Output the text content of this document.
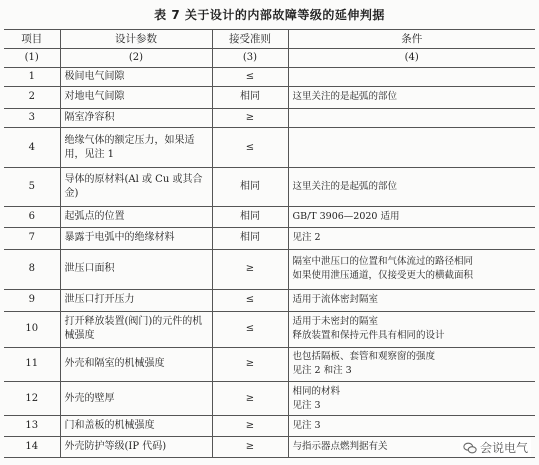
表 7 关于设计的内部故障等级的延伸判据
项目	设计参数	接受准则	条件
(1)	(2)	(3)	(4)
1	极间电气间隙	≤	
2	对地电气间隙	相同	这里关注的是起弧的部位
3	隔室净容积	≥	
4	绝缘气体的额定压力，如果适用，见注 1	≤	
5	导体的原材料(Al 或 Cu 或其合金)	相同	这里关注的是起弧的部位
6	起弧点的位置	相同	GB/T 3906—2020 适用
7	暴露于电弧中的绝缘材料	相同	见注 2
8	泄压口面积	≥	隔室中泄压口的位置和气体流过的路径相同
如果使用泄压通道，仅接受更大的横截面积
9	泄压口打开压力	≤	适用于流体密封隔室
10	打开释放装置(阀门)的元件的机械强度	≤	适用于未密封的隔室
释放装置和保持元件具有相同的设计
11	外壳和隔室的机械强度	≥	也包括隔板、套管和观察窗的强度
见注 2 和注 3
12	外壳的壁厚	≥	相同的材料
见注 3
13	门和盖板的机械强度	≥	见注 3
14	外壳防护等级(IP 代码)	≥	与指示器点燃判据有关	会说电气
